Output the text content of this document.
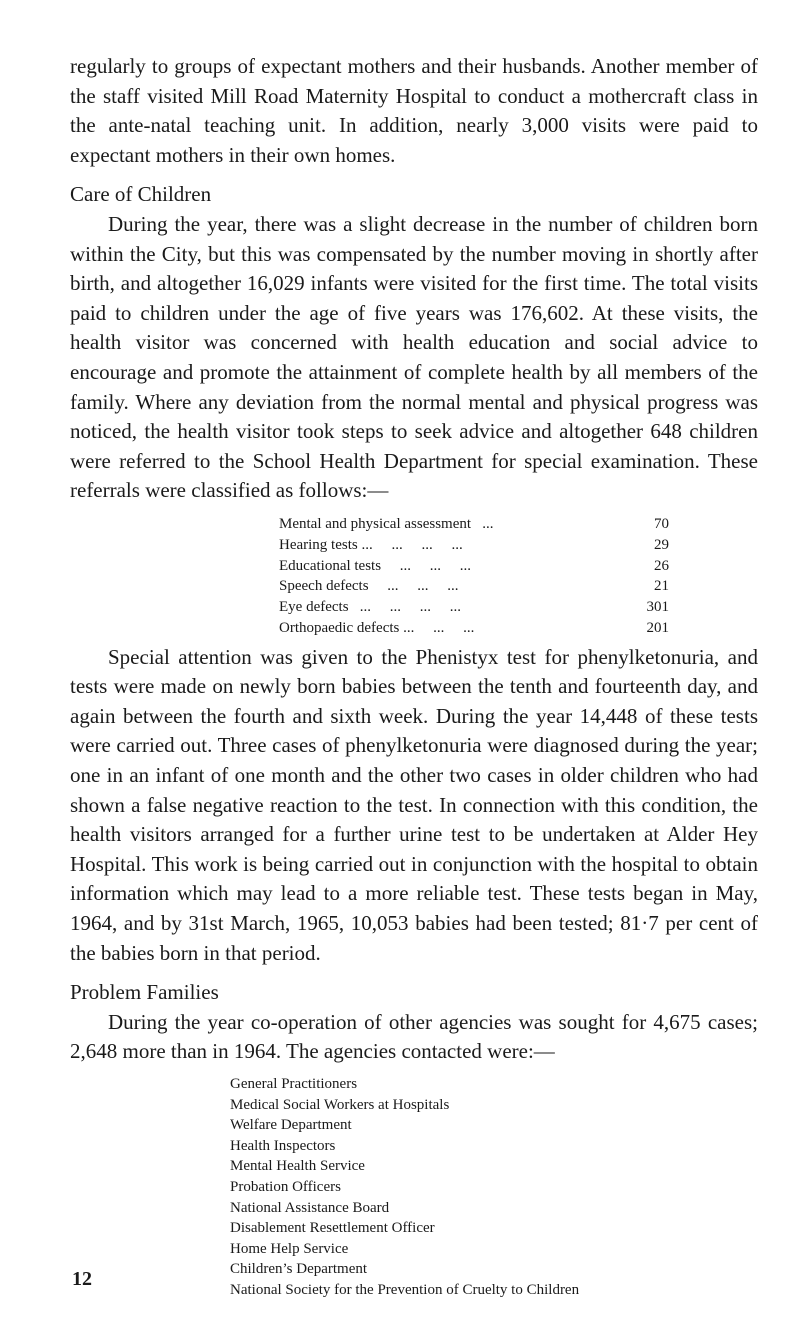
regularly to groups of expectant mothers and their husbands. Another member of the staff visited Mill Road Maternity Hospital to conduct a mothercraft class in the ante-natal teaching unit. In addition, nearly 3,000 visits were paid to expectant mothers in their own homes.

Care of Children

During the year, there was a slight decrease in the number of children born within the City, but this was compensated by the number moving in shortly after birth, and altogether 16,029 infants were visited for the first time. The total visits paid to children under the age of five years was 176,602. At these visits, the health visitor was concerned with health education and social advice to encourage and promote the attainment of complete health by all members of the family. Where any deviation from the normal mental and physical progress was noticed, the health visitor took steps to seek advice and altogether 648 children were referred to the School Health Department for special examination. These referrals were classified as follows:—

Mental and physical assessment   ...	70
Hearing tests ...     ...     ...     ...	29
Educational tests     ...     ...     ...	26
Speech defects     ...     ...     ...	21
Eye defects   ...     ...     ...     ...	301
Orthopaedic defects ...     ...     ...	201

Special attention was given to the Phenistyx test for phenylketonuria, and tests were made on newly born babies between the tenth and fourteenth day, and again between the fourth and sixth week. During the year 14,448 of these tests were carried out. Three cases of phenylketonuria were diagnosed during the year; one in an infant of one month and the other two cases in older children who had shown a false negative reaction to the test. In connection with this condition, the health visitors arranged for a further urine test to be undertaken at Alder Hey Hospital. This work is being carried out in conjunction with the hospital to obtain information which may lead to a more reliable test. These tests began in May, 1964, and by 31st March, 1965, 10,053 babies had been tested; 81·7 per cent of the babies born in that period.

Problem Families

During the year co-operation of other agencies was sought for 4,675 cases; 2,648 more than in 1964. The agencies contacted were:—

General Practitioners
Medical Social Workers at Hospitals
Welfare Department
Health Inspectors
Mental Health Service
Probation Officers
National Assistance Board
Disablement Resettlement Officer
Home Help Service
Children’s Department
National Society for the Prevention of Cruelty to Children
12
